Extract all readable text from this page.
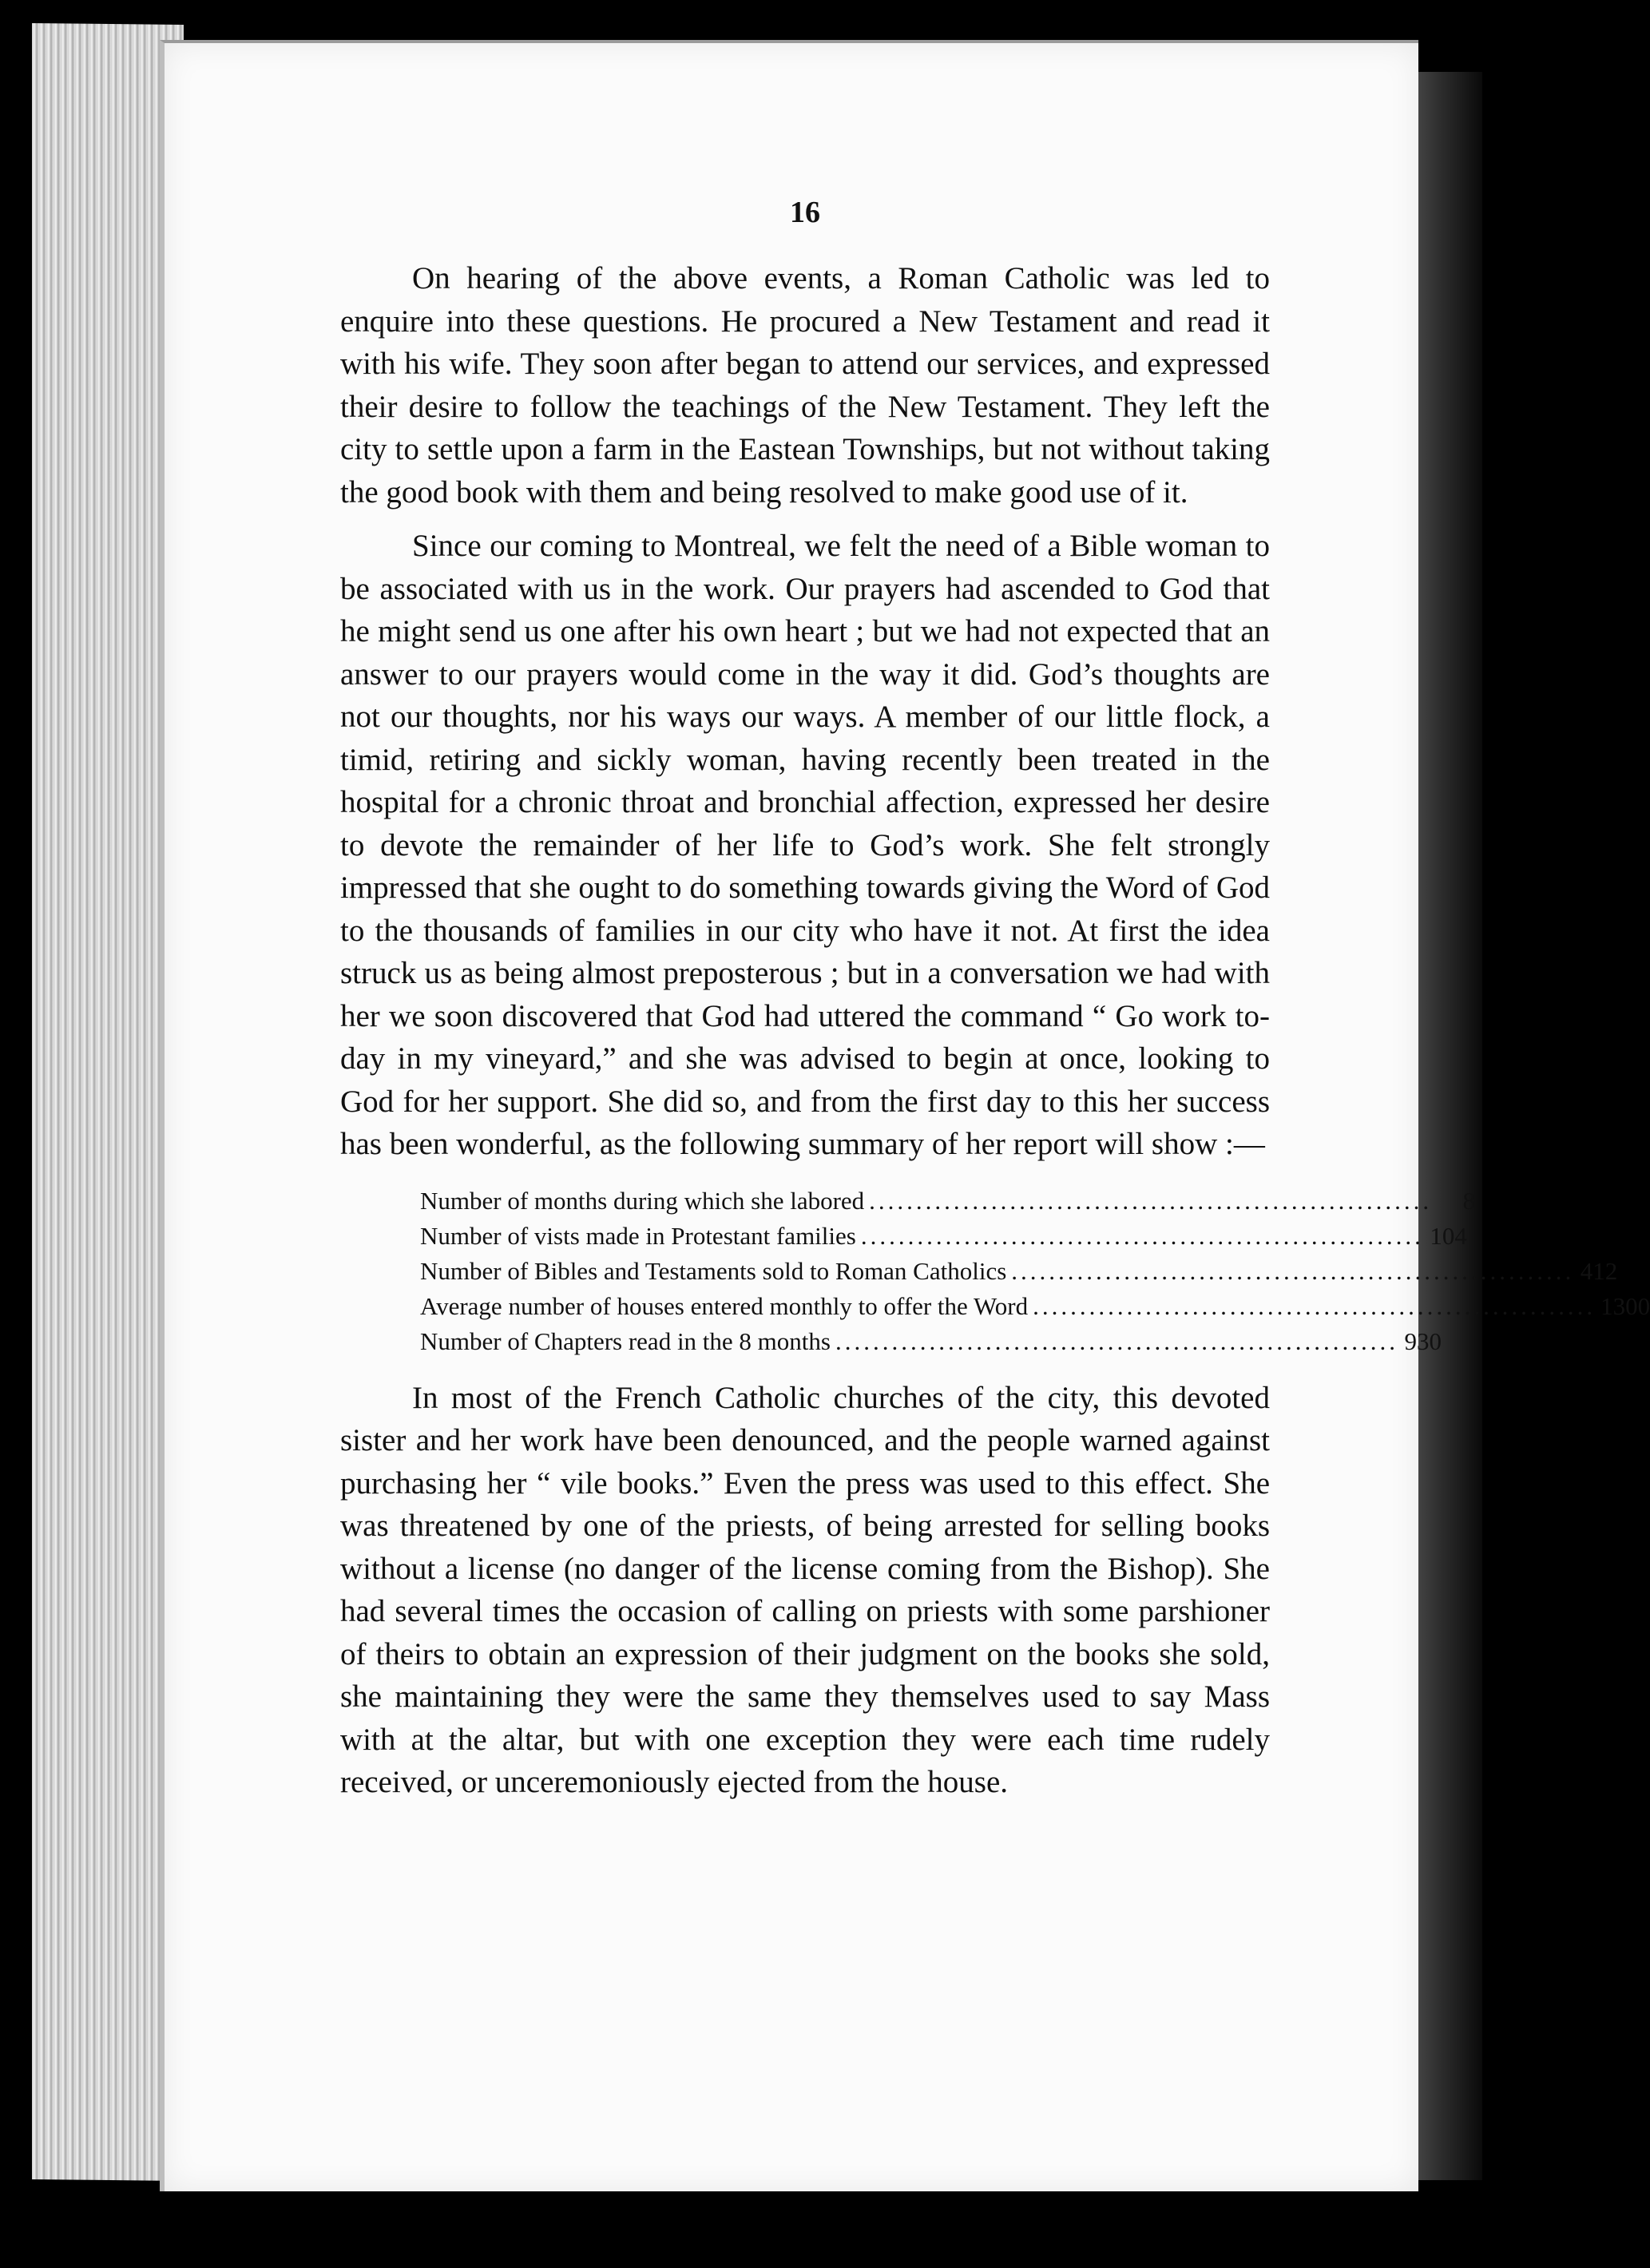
16

On hearing of the above events, a Roman Catholic was led to enquire into these questions. He procured a New Testament and read it with his wife. They soon after began to attend our services, and expressed their desire to follow the teachings of the New Testament. They left the city to settle upon a farm in the Eastean Townships, but not without taking the good book with them and being resolved to make good use of it.

Since our coming to Montreal, we felt the need of a Bible woman to be associated with us in the work. Our prayers had ascended to God that he might send us one after his own heart ; but we had not expected that an answer to our prayers would come in the way it did. God’s thoughts are not our thoughts, nor his ways our ways. A member of our little flock, a timid, retiring and sickly woman, having recently been treated in the hospital for a chronic throat and bronchial affection, expressed her desire to devote the remainder of her life to God’s work. She felt strongly impressed that she ought to do something towards giving the Word of God to the thousands of families in our city who have it not. At first the idea struck us as being almost preposterous ; but in a conversation we had with her we soon discovered that God had uttered the command “ Go work to-day in my vineyard,” and she was advised to begin at once, looking to God for her support. She did so, and from the first day to this her success has been wonderful, as the following summary of her report will show :—

Number of months during which she labored ............................................................	8
Number of vists made in Protestant families ............................................................ 104
Number of Bibles and Testaments sold to Roman Catholics ............................................................ 412
Average number of houses entered monthly to offer the Word ............................................................ 1300
Number of Chapters read in the 8 months ............................................................ 930

In most of the French Catholic churches of the city, this devoted sister and her work have been denounced, and the people warned against purchasing her “ vile books.” Even the press was used to this effect. She was threatened by one of the priests, of being arrested for selling books without a license (no danger of the license coming from the Bishop). She had several times the occasion of calling on priests with some parshioner of theirs to obtain an expression of their judgment on the books she sold, she maintaining they were the same they themselves used to say Mass with at the altar, but with one exception they were each time rudely received, or unceremoniously ejected from the house.
